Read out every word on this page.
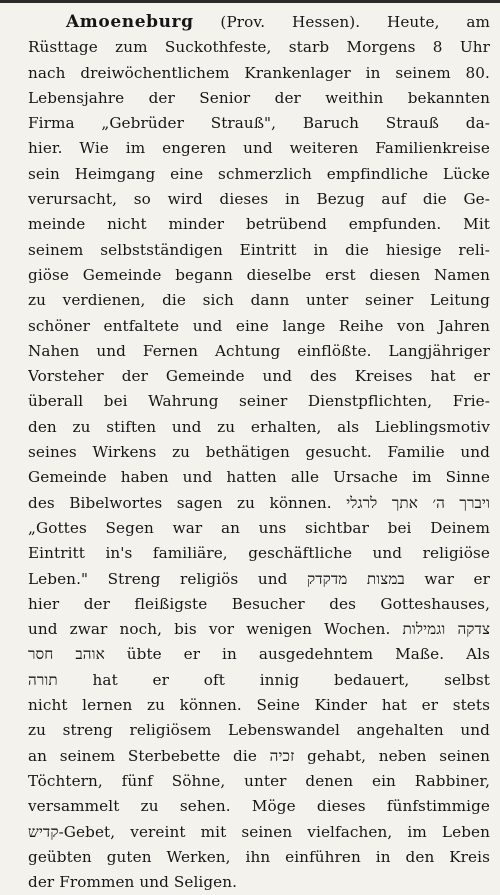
Amoeneburg (Prov. Hessen). Heute, am
Rüsttage zum Suckothfeste, starb Morgens 8 Uhr
nach dreiwöchentlichem Krankenlager in seinem 80.
Lebensjahre der Senior der weithin bekannten
Firma „Gebrüder Strauß", Baruch Strauß da-
hier. Wie im engeren und weiteren Familienkreise
sein Heimgang eine schmerzlich empfindliche Lücke
verursacht, so wird dieses in Bezug auf die Ge-
meinde nicht minder betrübend empfunden. Mit
seinem selbstständigen Eintritt in die hiesige reli-
giöse Gemeinde begann dieselbe erst diesen Namen
zu verdienen, die sich dann unter seiner Leitung
schöner entfaltete und eine lange Reihe von Jahren
Nahen und Fernen Achtung einflößte. Langjähriger
Vorsteher der Gemeinde und des Kreises hat er
überall bei Wahrung seiner Dienstpflichten, Frie-
den zu stiften und zu erhalten, als Lieblingsmotiv
seines Wirkens zu bethätigen gesucht. Familie und
Gemeinde haben und hatten alle Ursache im Sinne
des Bibelwortes sagen zu können. ויברך ה׳ אתך לרגלי
„Gottes Segen war an uns sichtbar bei Deinem
Eintritt in's familiäre, geschäftliche und religiöse
Leben." Streng religiös und במצות מדקדק war er
hier der fleißigste Besucher des Gotteshauses,
und zwar noch, bis vor wenigen Wochen. צדקה וגמילות
אוהב חסר übte er in ausgedehntem Maße. Als
תורה hat er oft innig bedauert, selbst
nicht lernen zu können. Seine Kinder hat er stets
zu streng religiösem Lebenswandel angehalten und
an seinem Sterbebette die זכיה gehabt, neben seinen
Töchtern, fünf Söhne, unter denen ein Rabbiner,
versammelt zu sehen. Möge dieses fünfstimmige
קדיש-Gebet, vereint mit seinen vielfachen, im Leben
geübten guten Werken, ihn einführen in den Kreis
der Frommen und Seligen.
